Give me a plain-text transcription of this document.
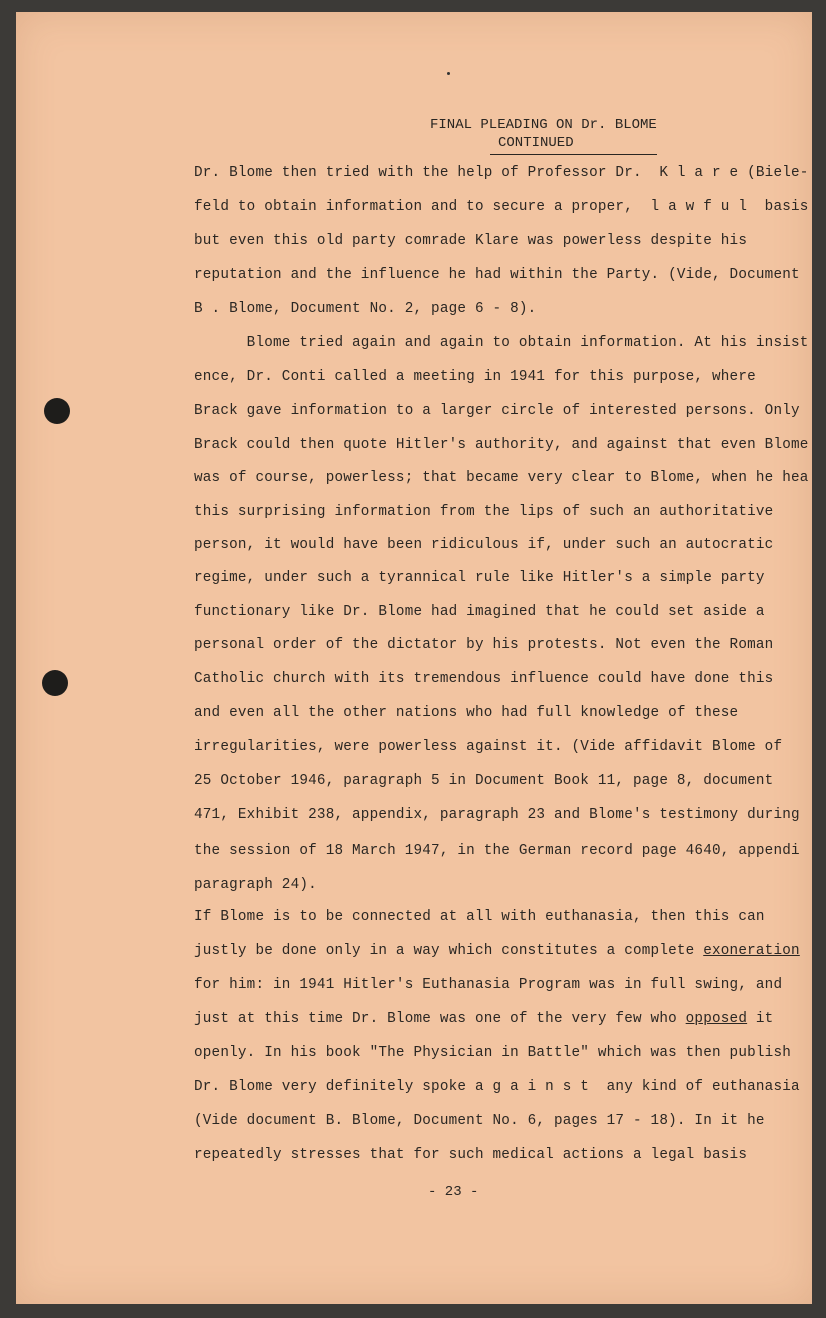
FINAL PLEADING ON Dr. BLOME
CONTINUED
Dr. Blome then tried with the help of Professor Dr.  K l a r e (Biele-
feld to obtain information and to secure a proper,  l a w f u l  basis
but even this old party comrade Klare was powerless despite his
reputation and the influence he had within the Party. (Vide, Document
B . Blome, Document No. 2, page 6 - 8).
Blome tried again and again to obtain information. At his insist
ence, Dr. Conti called a meeting in 1941 for this purpose, where
Brack gave information to a larger circle of interested persons. Only
Brack could then quote Hitler's authority, and against that even Blome
was of course, powerless; that became very clear to Blome, when he hea
this surprising information from the lips of such an authoritative
person, it would have been ridiculous if, under such an autocratic
regime, under such a tyrannical rule like Hitler's a simple party
functionary like Dr. Blome had imagined that he could set aside a
personal order of the dictator by his protests. Not even the Roman
Catholic church with its tremendous influence could have done this
and even all the other nations who had full knowledge of these
irregularities, were powerless against it. (Vide affidavit Blome of
25 October 1946, paragraph 5 in Document Book 11, page 8, document
471, Exhibit 238, appendix, paragraph 23 and Blome's testimony during
the session of 18 March 1947, in the German record page 4640, appendi
paragraph 24).
If Blome is to be connected at all with euthanasia, then this can
justly be done only in a way which constitutes a complete exoneration
for him: in 1941 Hitler's Euthanasia Program was in full swing, and
just at this time Dr. Blome was one of the very few who opposed it
openly. In his book "The Physician in Battle" which was then publish
Dr. Blome very definitely spoke a g a i n s t  any kind of euthanasia
(Vide document B. Blome, Document No. 6, pages 17 - 18). In it he
repeatedly stresses that for such medical actions a legal basis
- 23 -
